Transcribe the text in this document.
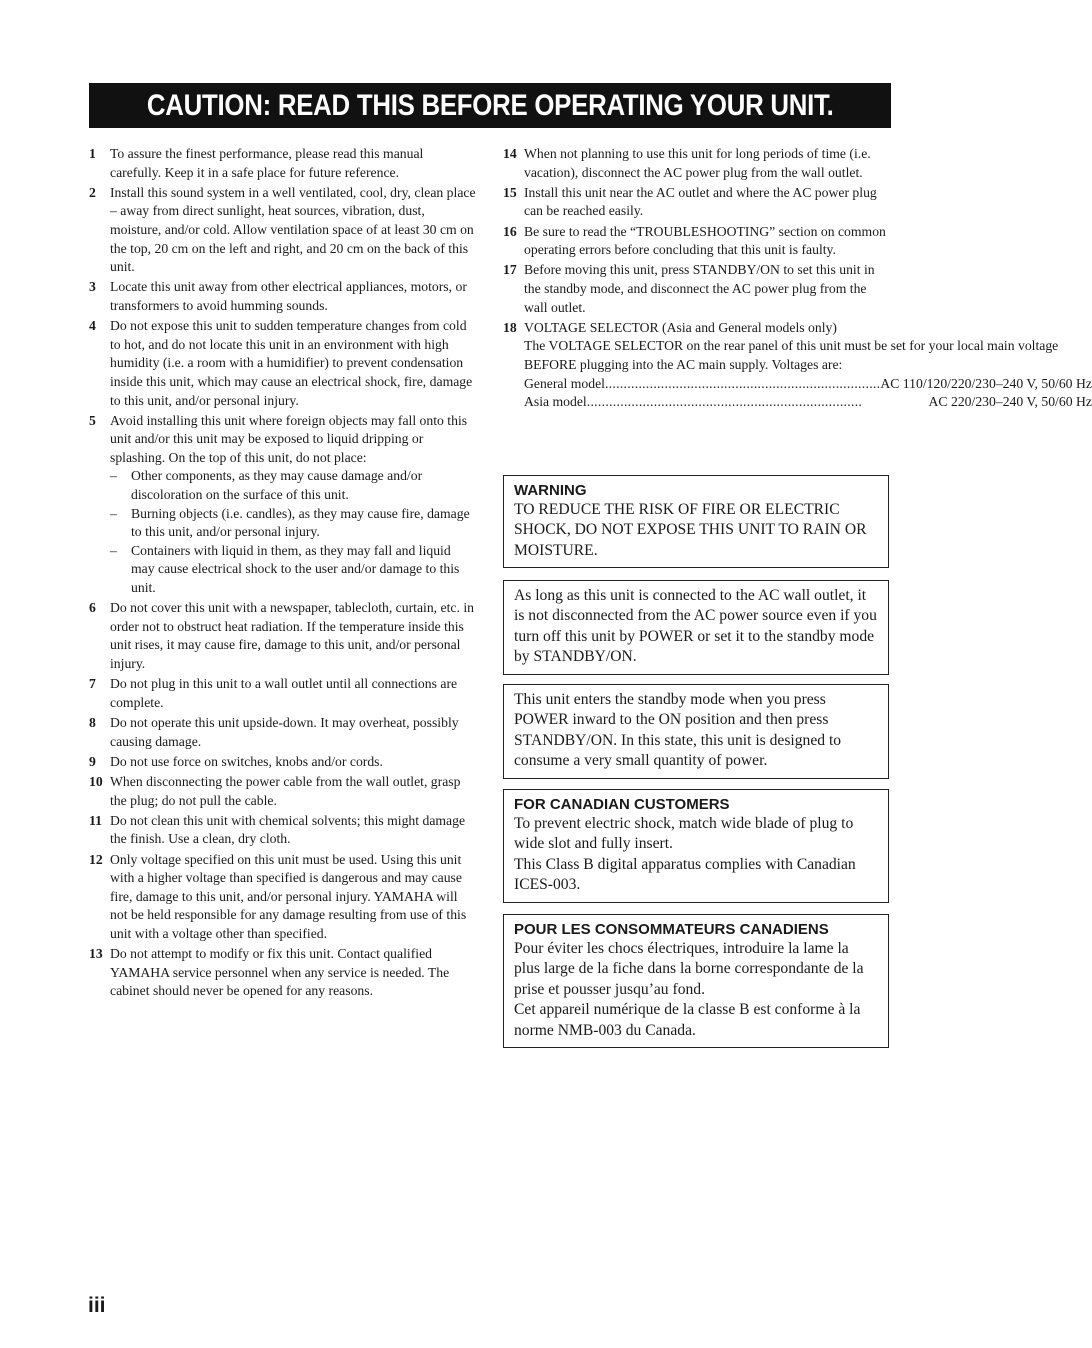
CAUTION: READ THIS BEFORE OPERATING YOUR UNIT.
1	To assure the finest performance, please read this manual carefully. Keep it in a safe place for future reference.
2	Install this sound system in a well ventilated, cool, dry, clean place – away from direct sunlight, heat sources, vibration, dust, moisture, and/or cold. Allow ventilation space of at least 30 cm on the top, 20 cm on the left and right, and 20 cm on the back of this unit.
3	Locate this unit away from other electrical appliances, motors, or transformers to avoid humming sounds.
4	Do not expose this unit to sudden temperature changes from cold to hot, and do not locate this unit in an environment with high humidity (i.e. a room with a humidifier) to prevent condensation inside this unit, which may cause an electrical shock, fire, damage to this unit, and/or personal injury.
5	Avoid installing this unit where foreign objects may fall onto this unit and/or this unit may be exposed to liquid dripping or splashing. On the top of this unit, do not place:
–	Other components, as they may cause damage and/or discoloration on the surface of this unit.
–	Burning objects (i.e. candles), as they may cause fire, damage to this unit, and/or personal injury.
–	Containers with liquid in them, as they may fall and liquid may cause electrical shock to the user and/or damage to this unit.
6	Do not cover this unit with a newspaper, tablecloth, curtain, etc. in order not to obstruct heat radiation. If the temperature inside this unit rises, it may cause fire, damage to this unit, and/or personal injury.
7	Do not plug in this unit to a wall outlet until all connections are complete.
8	Do not operate this unit upside-down. It may overheat, possibly causing damage.
9	Do not use force on switches, knobs and/or cords.
10 When disconnecting the power cable from the wall outlet, grasp the plug; do not pull the cable.
11 Do not clean this unit with chemical solvents; this might damage the finish. Use a clean, dry cloth.
12 Only voltage specified on this unit must be used. Using this unit with a higher voltage than specified is dangerous and may cause fire, damage to this unit, and/or personal injury. YAMAHA will not be held responsible for any damage resulting from use of this unit with a voltage other than specified.
13 Do not attempt to modify or fix this unit. Contact qualified YAMAHA service personnel when any service is needed. The cabinet should never be opened for any reasons.
14 When not planning to use this unit for long periods of time (i.e. vacation), disconnect the AC power plug from the wall outlet.
15 Install this unit near the AC outlet and where the AC power plug can be reached easily.
16 Be sure to read the “TROUBLESHOOTING” section on common operating errors before concluding that this unit is faulty.
17 Before moving this unit, press STANDBY/ON to set this unit in the standby mode, and disconnect the AC power plug from the wall outlet.
18 VOLTAGE SELECTOR (Asia and General models only)
The VOLTAGE SELECTOR on the rear panel of this unit must be set for your local main voltage BEFORE plugging into the AC main supply. Voltages are:
General model .......................................................................... AC 110/120/220/230–240 V, 50/60 Hz
Asia model ..........................................................................	AC 220/230–240 V, 50/60 Hz
WARNING
TO REDUCE THE RISK OF FIRE OR ELECTRIC SHOCK, DO NOT EXPOSE THIS UNIT TO RAIN OR MOISTURE.
As long as this unit is connected to the AC wall outlet, it is not disconnected from the AC power source even if you turn off this unit by POWER or set it to the standby mode by STANDBY/ON.
This unit enters the standby mode when you press POWER inward to the ON position and then press STANDBY/ON. In this state, this unit is designed to consume a very small quantity of power.
FOR CANADIAN CUSTOMERS
To prevent electric shock, match wide blade of plug to wide slot and fully insert.
This Class B digital apparatus complies with Canadian ICES-003.
POUR LES CONSOMMATEURS CANADIENS
Pour éviter les chocs électriques, introduire la lame la plus large de la fiche dans la borne correspondante de la prise et pousser jusqu’au fond.
Cet appareil numérique de la classe B est conforme à la norme NMB-003 du Canada.
iii
